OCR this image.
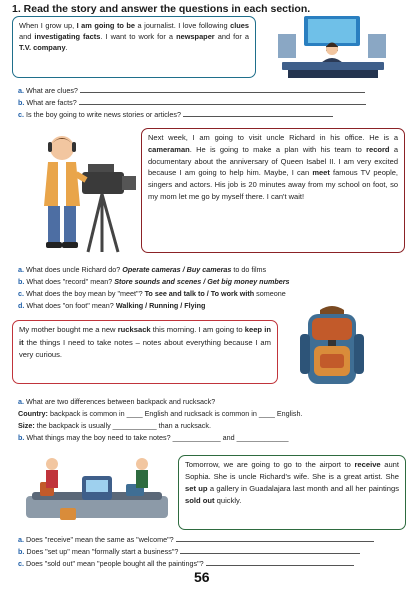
1. Read the story and answer the questions in each section.
When I grow up, I am going to be a journalist. I love following clues and investigating facts. I want to work for a newspaper and for a T.V. company.
a. What are clues?
b. What are facts?
c. Is the boy going to write news stories or articles?
Next week, I am going to visit uncle Richard in his office. He is a cameraman. He is going to make a plan with his team to record a documentary about the anniversary of Queen Isabel II. I am very excited because I am going to help him. Maybe, I can meet famous TV people, singers and actors. His job is 20 minutes away from my school on foot, so my mom let me go by myself there. I can't wait!
a. What does uncle Richard do? Operate cameras / Buy cameras to do films
b. What does "record" mean? Store sounds and scenes / Get big money numbers
c. What does the boy mean by "meet"? To see and talk to / To work with someone
d. What does "on foot" mean? Walking / Running / Flying
My mother bought me a new rucksack this morning. I am going to keep in it the things I need to take notes – notes about everything because I am very curious.
a. What are two differences between backpack and rucksack?
Country: backpack is common in ____ English and rucksack is common in ____ English.
Size: the backpack is usually ___________ than a rucksack.
b. What things may the boy need to take notes? ____________ and _____________
Tomorrow, we are going to go to the airport to receive aunt Sophia. She is uncle Richard's wife. She is a great artist. She set up a gallery in Guadalajara last month and all her paintings sold out quickly.
a. Does "receive" mean the same as "welcome"?
b. Does "set up" mean "formally start a business"?
c. Does "sold out" mean "people bought all the paintings"?
56
